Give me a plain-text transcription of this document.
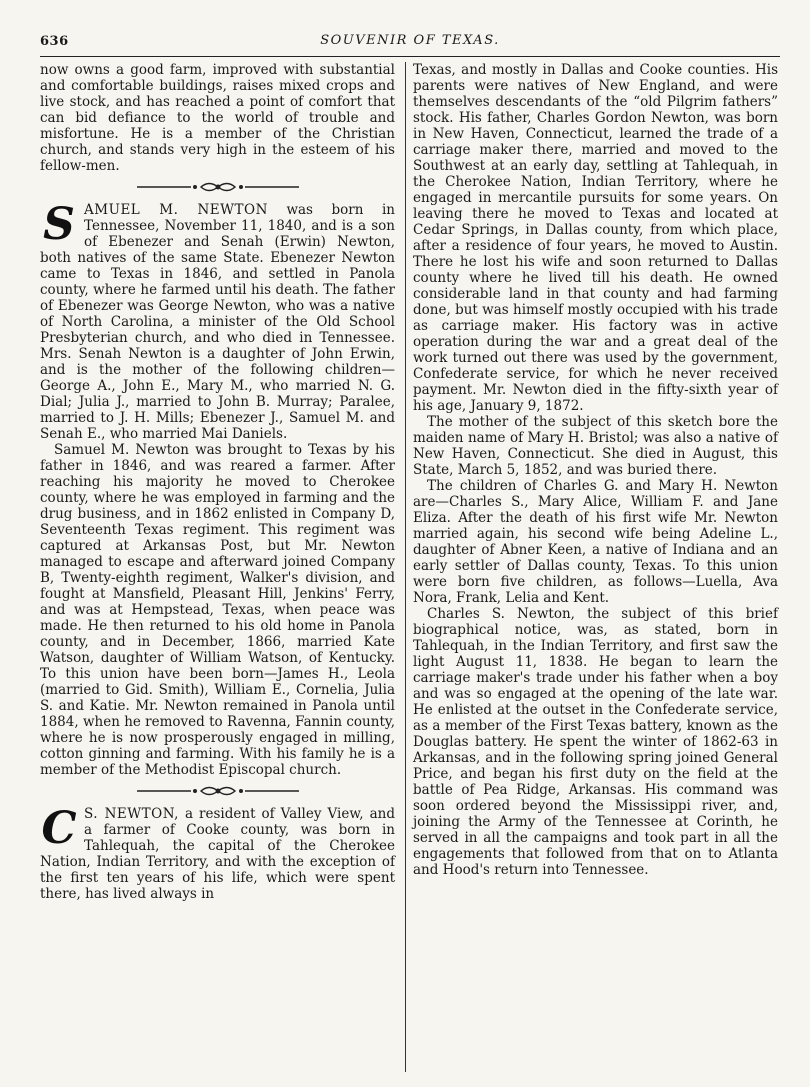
636	SOUVENIR OF TEXAS.

now owns a good farm, improved with substantial and comfortable buildings, raises mixed crops and live stock, and has reached a point of comfort that can bid defiance to the world of trouble and misfortune. He is a member of the Christian church, and stands very high in the esteem of his fellow-men.

SAMUEL M. NEWTON was born in Tennessee, November 11, 1840, and is a son of Ebenezer and Senah (Erwin) Newton, both natives of the same State. Ebenezer Newton came to Texas in 1846, and settled in Panola county, where he farmed until his death. The father of Ebenezer was George Newton, who was a native of North Carolina, a minister of the Old School Presbyterian church, and who died in Tennessee. Mrs. Senah Newton is a daughter of John Erwin, and is the mother of the following children—George A., John E., Mary M., who married N. G. Dial; Julia J., married to John B. Murray; Paralee, married to J. H. Mills; Ebenezer J., Samuel M. and Senah E., who married Mai Daniels.

Samuel M. Newton was brought to Texas by his father in 1846, and was reared a farmer. After reaching his majority he moved to Cherokee county, where he was employed in farming and the drug business, and in 1862 enlisted in Company D, Seventeenth Texas regiment. This regiment was captured at Arkansas Post, but Mr. Newton managed to escape and afterward joined Company B, Twenty-eighth regiment, Walker's division, and fought at Mansfield, Pleasant Hill, Jenkins' Ferry, and was at Hempstead, Texas, when peace was made. He then returned to his old home in Panola county, and in December, 1866, married Kate Watson, daughter of William Watson, of Kentucky. To this union have been born—James H., Leola (married to Gid. Smith), William E., Cornelia, Julia S. and Katie. Mr. Newton remained in Panola until 1884, when he removed to Ravenna, Fannin county, where he is now prosperously engaged in milling, cotton ginning and farming. With his family he is a member of the Methodist Episcopal church.

C S. NEWTON, a resident of Valley View, and a farmer of Cooke county, was born in Tahlequah, the capital of the Cherokee Nation, Indian Territory, and with the exception of the first ten years of his life, which were spent there, has lived always in

Texas, and mostly in Dallas and Cooke counties. His parents were natives of New England, and were themselves descendants of the “old Pilgrim fathers” stock. His father, Charles Gordon Newton, was born in New Haven, Connecticut, learned the trade of a carriage maker there, married and moved to the Southwest at an early day, settling at Tahlequah, in the Cherokee Nation, Indian Territory, where he engaged in mercantile pursuits for some years. On leaving there he moved to Texas and located at Cedar Springs, in Dallas county, from which place, after a residence of four years, he moved to Austin. There he lost his wife and soon returned to Dallas county where he lived till his death. He owned considerable land in that county and had farming done, but was himself mostly occupied with his trade as carriage maker. His factory was in active operation during the war and a great deal of the work turned out there was used by the government, Confederate service, for which he never received payment. Mr. Newton died in the fifty-sixth year of his age, January 9, 1872.

The mother of the subject of this sketch bore the maiden name of Mary H. Bristol; was also a native of New Haven, Connecticut. She died in August, this State, March 5, 1852, and was buried there.

The children of Charles G. and Mary H. Newton are—Charles S., Mary Alice, William F. and Jane Eliza. After the death of his first wife Mr. Newton married again, his second wife being Adeline L., daughter of Abner Keen, a native of Indiana and an early settler of Dallas county, Texas. To this union were born five children, as follows—Luella, Ava Nora, Frank, Lelia and Kent.

Charles S. Newton, the subject of this brief biographical notice, was, as stated, born in Tahlequah, in the Indian Territory, and first saw the light August 11, 1838. He began to learn the carriage maker's trade under his father when a boy and was so engaged at the opening of the late war. He enlisted at the outset in the Confederate service, as a member of the First Texas battery, known as the Douglas battery. He spent the winter of 1862-63 in Arkansas, and in the following spring joined General Price, and began his first duty on the field at the battle of Pea Ridge, Arkansas. His command was soon ordered beyond the Mississippi river, and, joining the Army of the Tennessee at Corinth, he served in all the campaigns and took part in all the engagements that followed from that on to Atlanta and Hood's return into Tennessee.
